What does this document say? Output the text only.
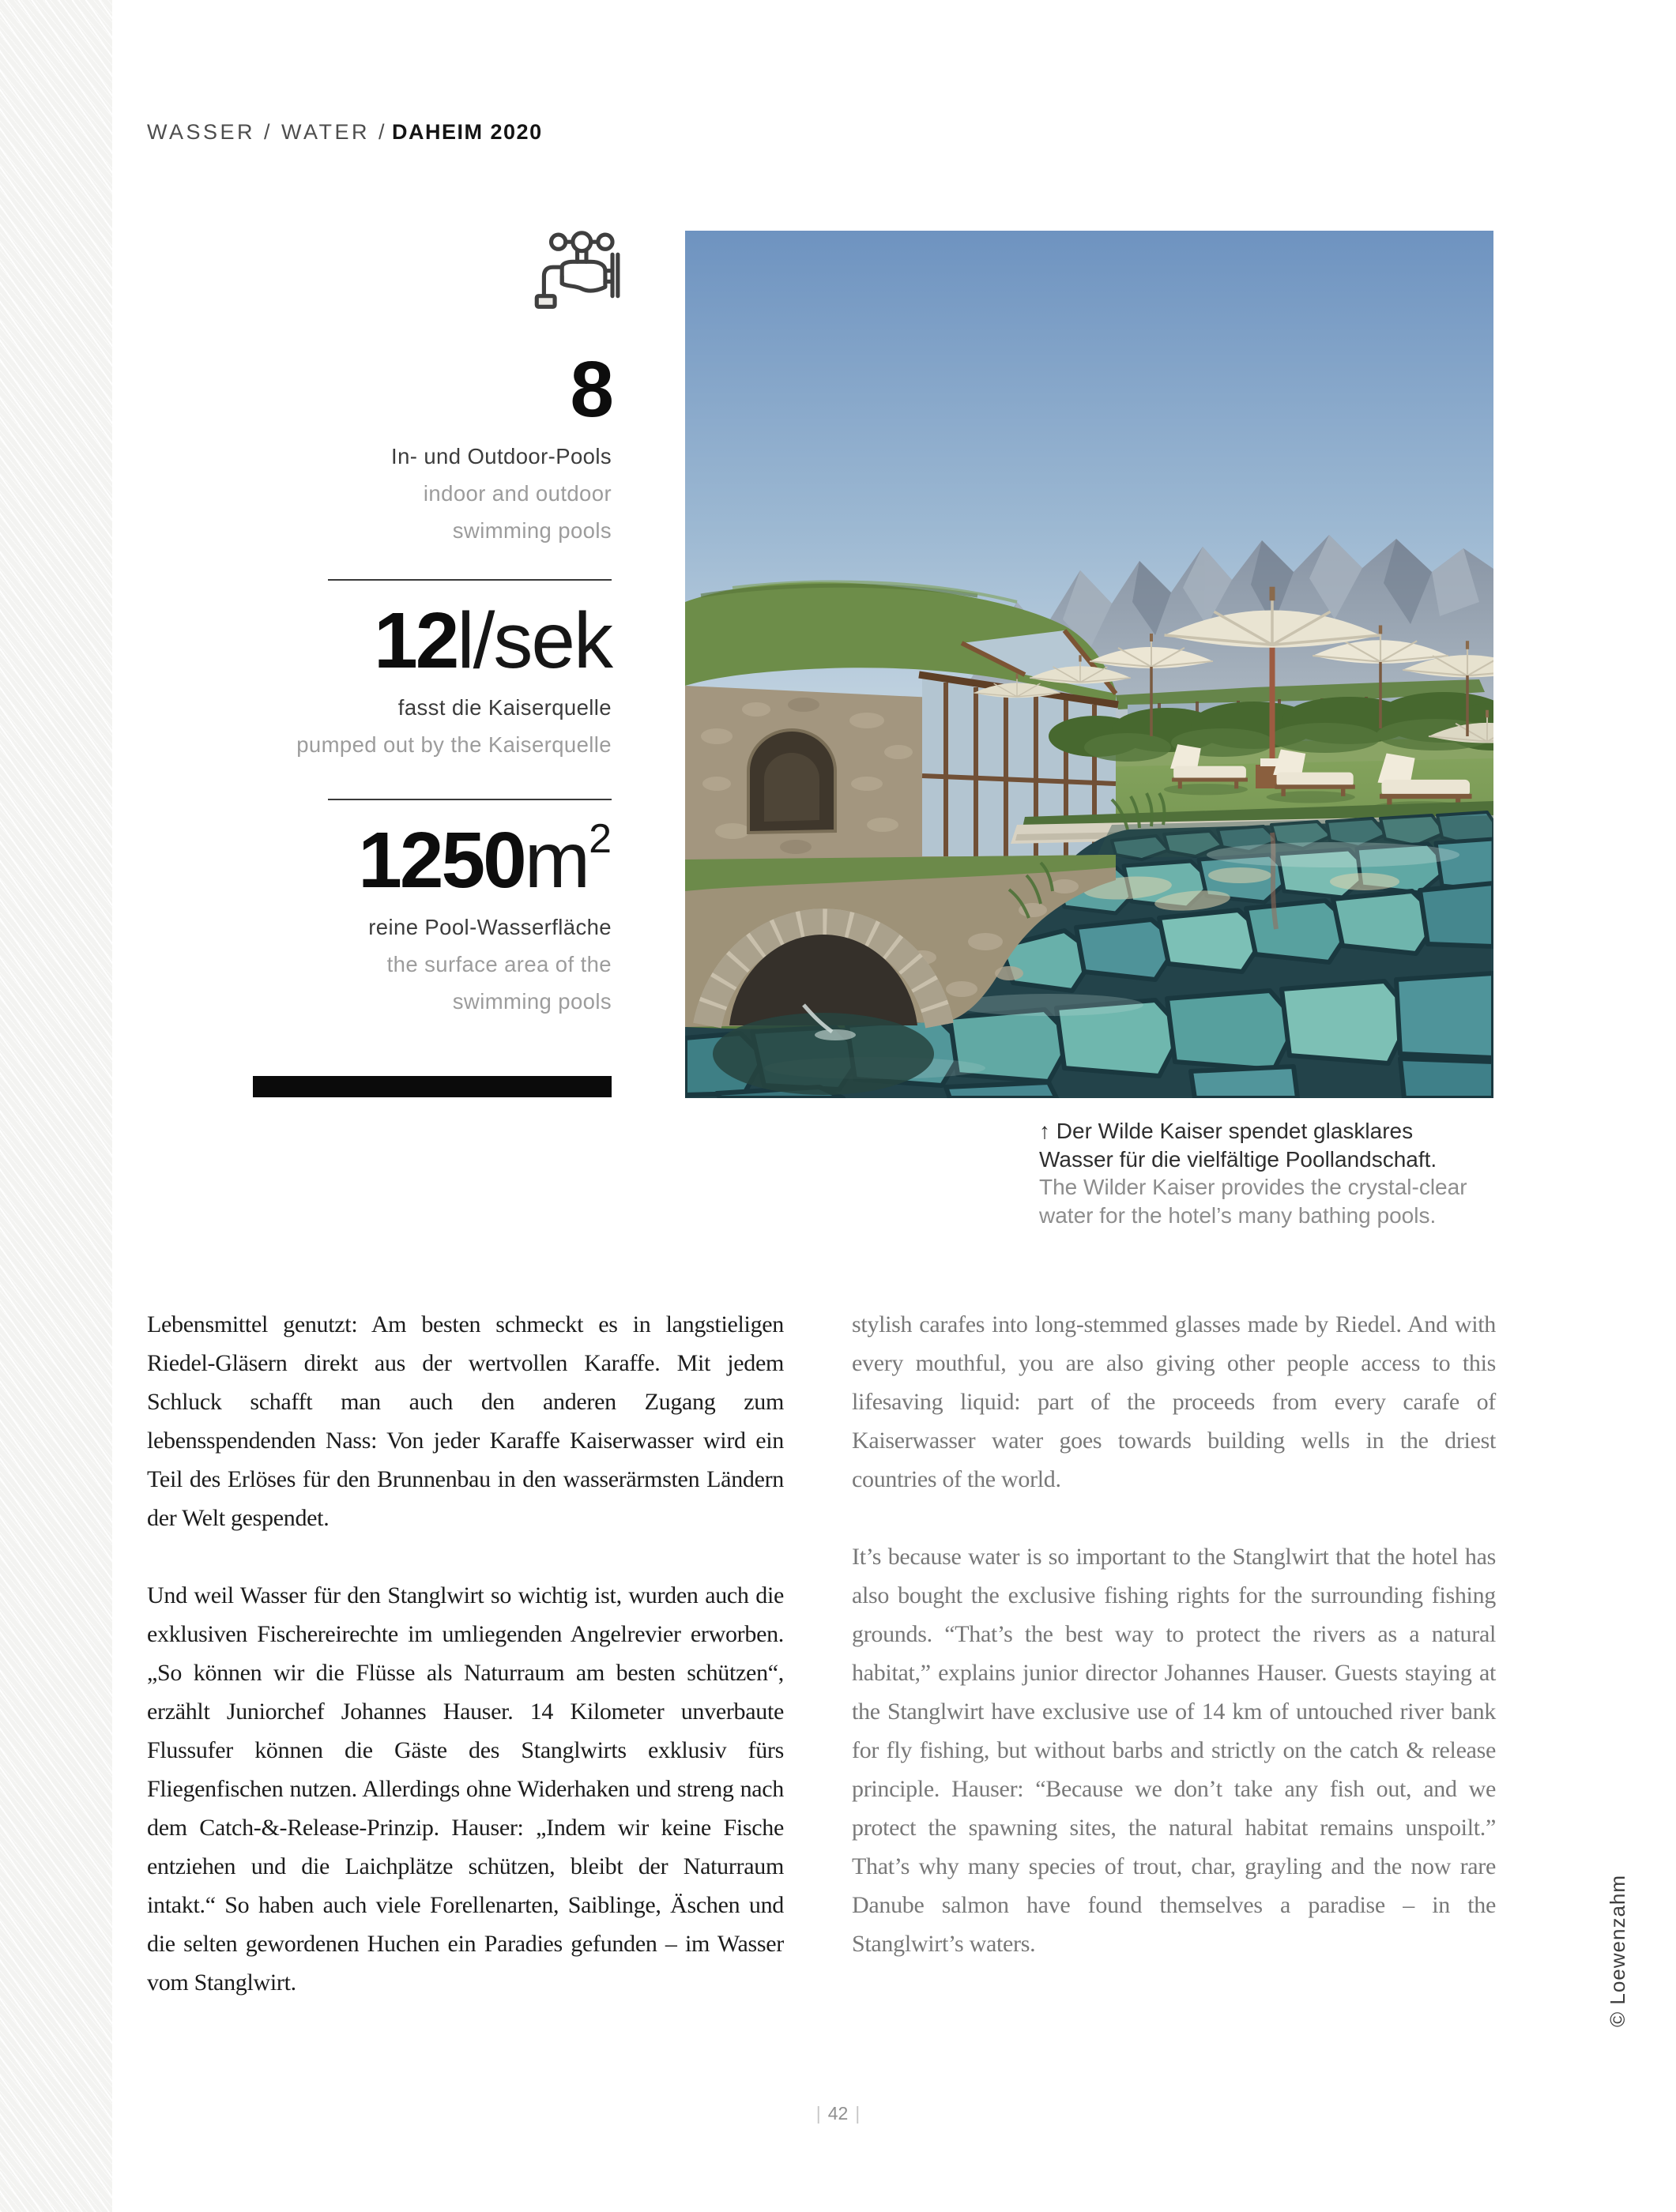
WASSER / WATER / DAHEIM 2020
8
In- und Outdoor-Pools
indoor and outdoor
swimming pools
12l/sek
fasst die Kaiserquelle
pumped out by the Kaiserquelle
$1250m^2$
reine Pool-Wasserfläche
the surface area of the
swimming pools
↑ Der Wilde Kaiser spendet glasklares
Wasser für die vielfältige Poollandschaft.
The Wilder Kaiser provides the crystal-clear
water for the hotel’s many bathing pools.

Lebensmittel genutzt: Am besten schmeckt es in langstieligen Riedel-Gläsern direkt aus der wertvollen Karaffe. Mit jedem Schluck schafft man auch den anderen Zugang zum lebensspendenden Nass: Von jeder Karaffe Kaiserwasser wird ein Teil des Erlöses für den Brunnenbau in den wasserärmsten Ländern der Welt gespendet.

Und weil Wasser für den Stanglwirt so wichtig ist, wurden auch die exklusiven Fischereirechte im umliegenden Angelrevier erworben. „So können wir die Flüsse als Naturraum am besten schützen“, erzählt Juniorchef Johannes Hauser. 14 Kilometer unverbaute Flussufer können die Gäste des Stanglwirts exklusiv fürs Fliegenfischen nutzen. Allerdings ohne Widerhaken und streng nach dem Catch-&-Release-Prinzip. Hauser: „Indem wir keine Fische entziehen und die Laichplätze schützen, bleibt der Naturraum intakt.“ So haben auch viele Forellenarten, Saiblinge, Äschen und die selten gewordenen Huchen ein Paradies gefunden – im Wasser vom Stanglwirt.

stylish carafes into long-stemmed glasses made by Riedel. And with every mouthful, you are also giving other people access to this lifesaving liquid: part of the proceeds from every carafe of Kaiserwasser water goes towards building wells in the driest countries of the world.

It’s because water is so important to the Stanglwirt that the hotel has also bought the exclusive fishing rights for the surrounding fishing grounds. “That’s the best way to protect the rivers as a natural habitat,” explains junior director Johannes Hauser. Guests staying at the Stanglwirt have exclusive use of 14 km of untouched river bank for fly fishing, but without barbs and strictly on the catch & release principle. Hauser: “Because we don’t take any fish out, and we protect the spawning sites, the natural habitat remains unspoilt.” That’s why many species of trout, char, grayling and the now rare Danube salmon have found themselves a paradise – in the Stanglwirt’s waters.	© Loewenzahm
| 42 |
